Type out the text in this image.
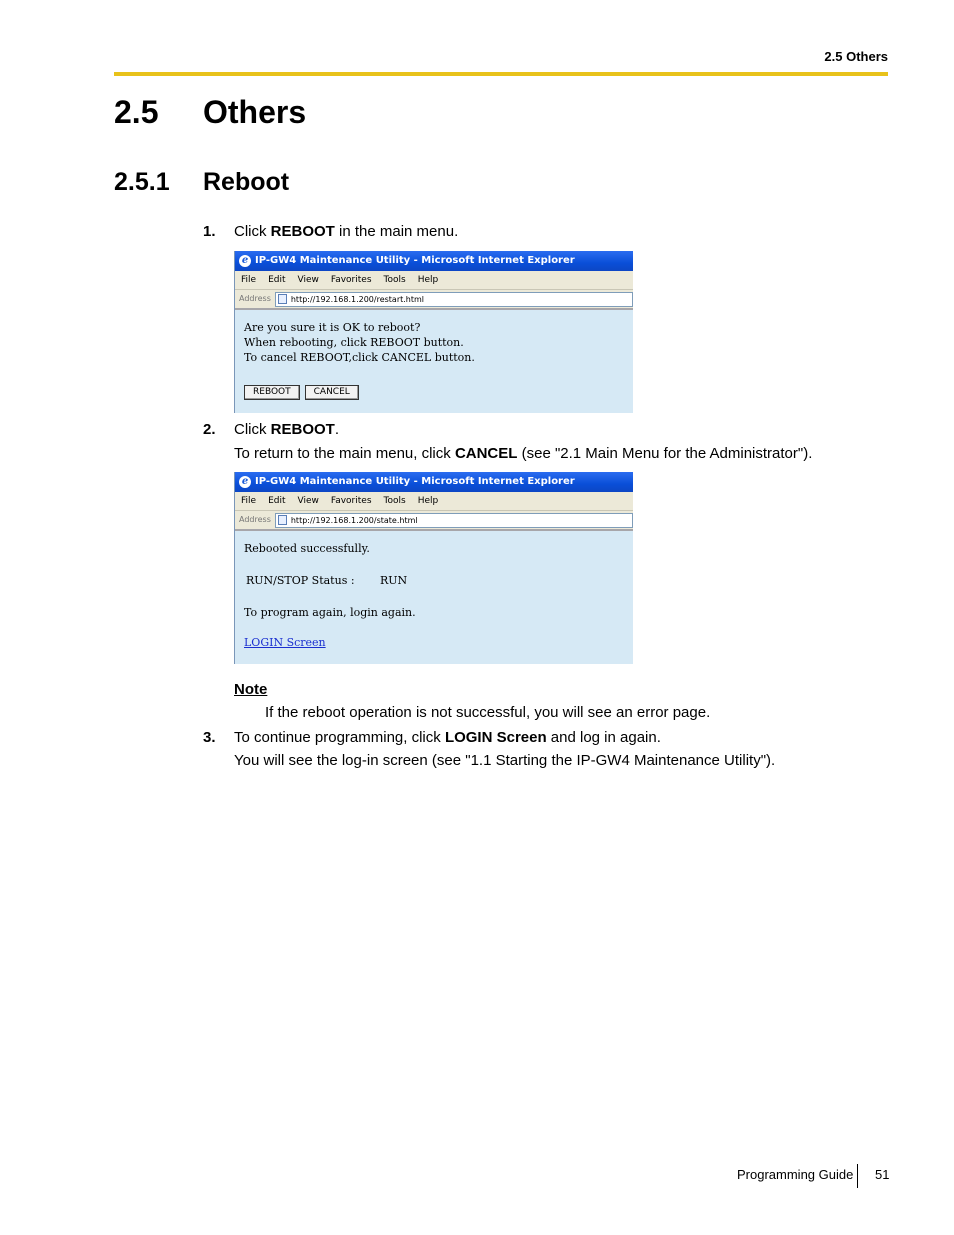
2.5 Others
2.5 Others
2.5.1 Reboot
1. Click REBOOT in the main menu.
e IP-GW4 Maintenance Utility - Microsoft Internet Explorer
File Edit View Favorites Tools Help
Address	http://192.168.1.200/restart.html
Are you sure it is OK to reboot?
When rebooting, click REBOOT button.
To cancel REBOOT,click CANCEL button.
REBOOT	CANCEL
2. Click REBOOT.
To return to the main menu, click CANCEL (see "2.1 Main Menu for the Administrator").
e IP-GW4 Maintenance Utility - Microsoft Internet Explorer
File Edit View Favorites Tools Help
Address	http://192.168.1.200/state.html
Rebooted successfully.
RUN/STOP Status : RUN
To program again, login again.
LOGIN Screen
Note
If the reboot operation is not successful, you will see an error page.
3. To continue programming, click LOGIN Screen and log in again.
You will see the log-in screen (see "1.1 Starting the IP-GW4 Maintenance Utility").
Programming Guide 51
